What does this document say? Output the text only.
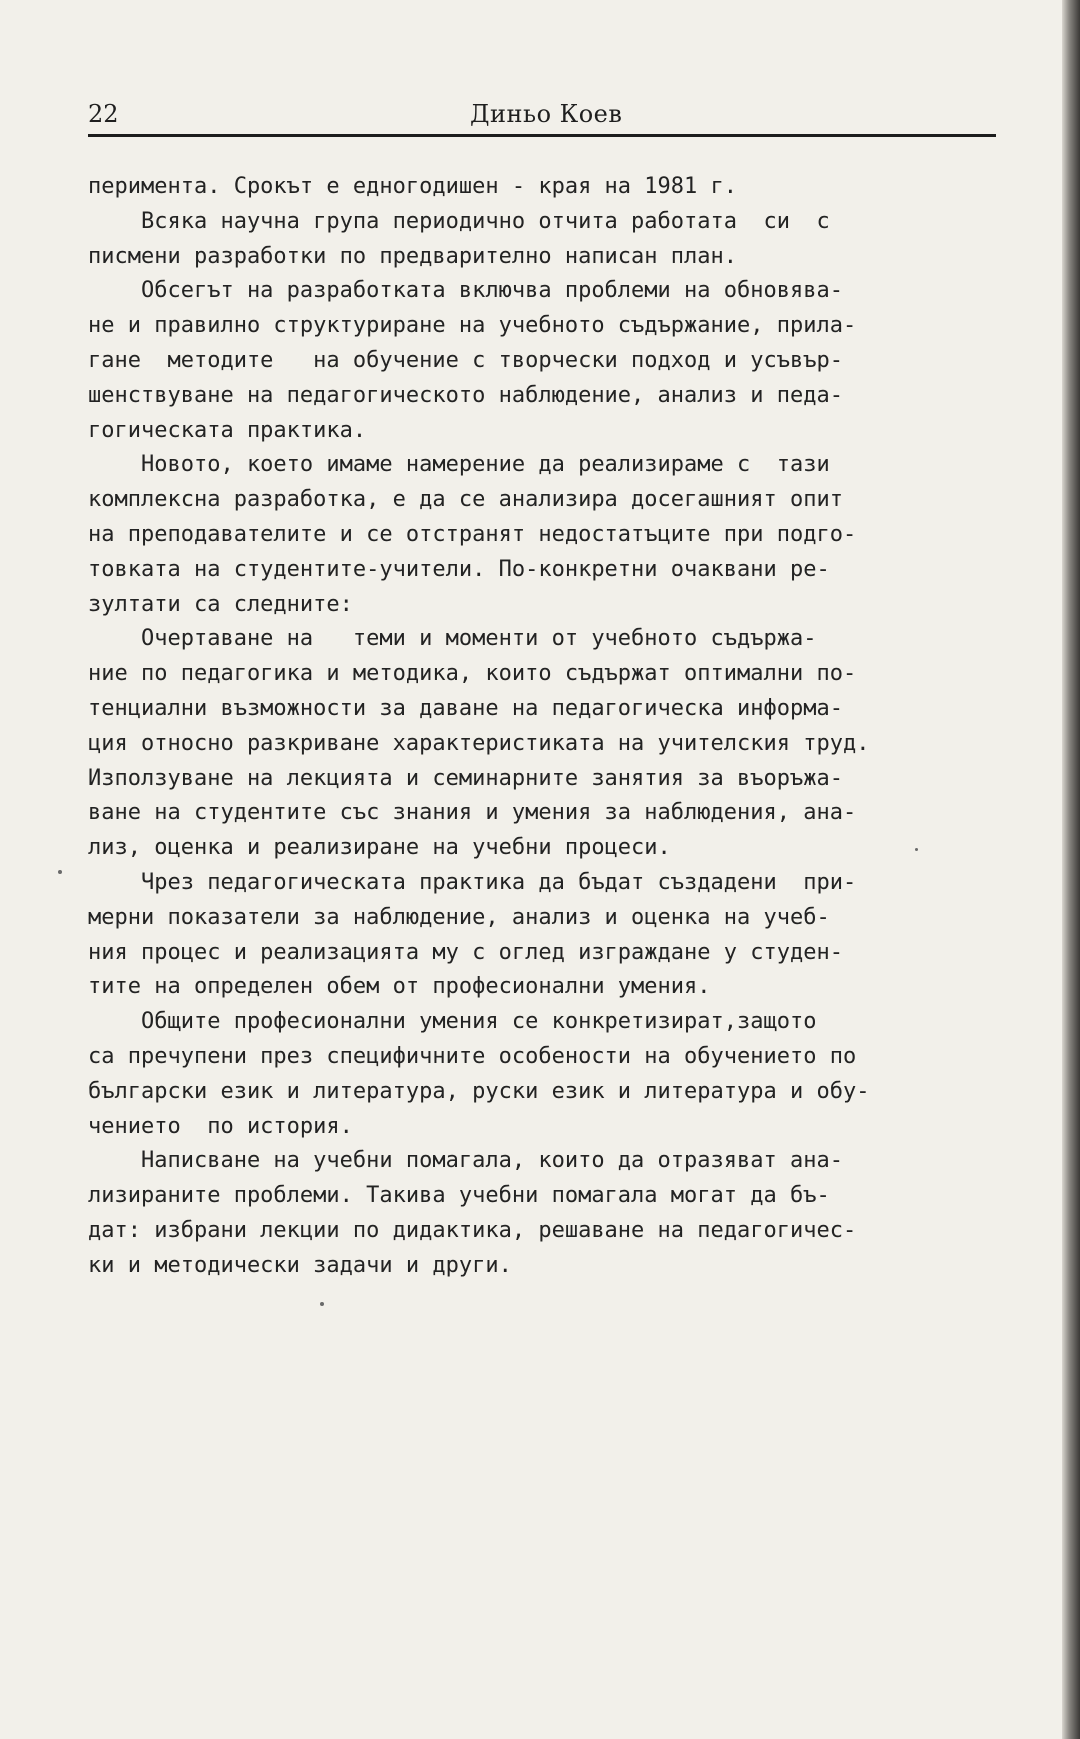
22	Диньо Коев
перимента. Срокът е едногодишен - края на 1981 г.
Всяка научна група периодично отчита работата  си  с
писмени разработки по предварително написан план.
Обсегът на разработката включва проблеми на обновява-
не и правилно структуриране на учебното съдържание, прила-
гане  методите   на обучение с творчески подход и усъвър-
шенствуване на педагогическото наблюдение, анализ и педа-
гогическата практика.
Новото, което имаме намерение да реализираме с  тази
комплексна разработка, е да се анализира досегашният опит
на преподавателите и се отстранят недостатъците при подго-
товката на студентите-учители. По-конкретни очаквани ре-
зултати са следните:
Очертаване на   теми и моменти от учебното съдържа-
ние по педагогика и методика, които съдържат оптимални по-
тенциални възможности за даване на педагогическа информа-
ция относно разкриване характеристиката на учителския труд.
Използуване на лекцията и семинарните занятия за въоръжа-
ване на студентите със знания и умения за наблюдения, ана-
лиз, оценка и реализиране на учебни процеси.
Чрез педагогическата практика да бъдат създадени  при-
мерни показатели за наблюдение, анализ и оценка на учеб-
ния процес и реализацията му с оглед изграждане у студен-
тите на определен обем от професионални умения.
Общите професионални умения се конкретизират,защото
са пречупени през специфичните особености на обучението по
български език и литература, руски език и литература и обу-
чението  по история.
Написване на учебни помагала, които да отразяват ана-
лизираните проблеми. Такива учебни помагала могат да бъ-
дат: избрани лекции по дидактика, решаване на педагогичес-
ки и методически задачи и други.
